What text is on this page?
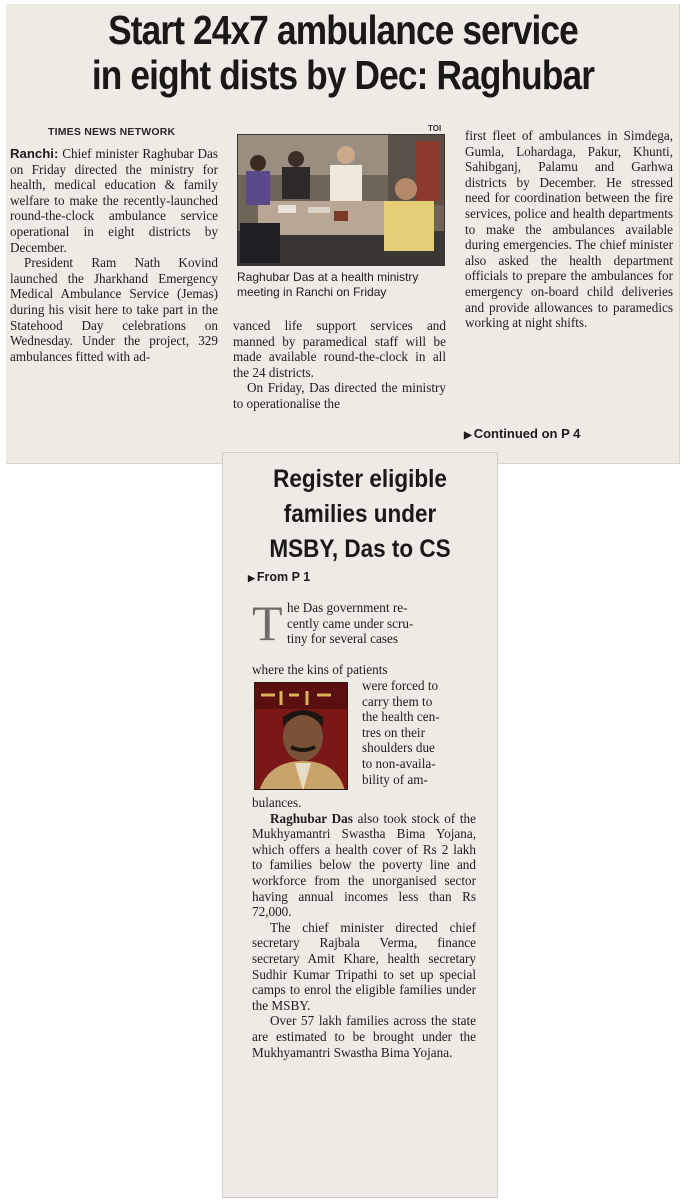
Start 24x7 ambulance service
in eight dists by Dec: Raghubar
TIMES NEWS NETWORK	TOI

Ranchi: Chief minister Raghubar Das on Friday directed the ministry for health, medical education & family welfare to make the recently-launched round-the-clock ambulance service operational in eight districts by December.

President Ram Nath Kovind launched the Jharkhand Emergency Medical Ambulance Service (Jemas) during his visit here to take part in the Statehood Day celebrations on Wednesday. Under the project, 329 ambulances fitted with ad-

Raghubar Das at a health ministry meeting in Ranchi on Friday

vanced life support services and manned by paramedical staff will be made available round-the-clock in all the 24 districts.

On Friday, Das directed the ministry to operationalise the

first fleet of ambulances in Simdega, Gumla, Lohardaga, Pakur, Khunti, Sahibganj, Palamu and Garhwa districts by December. He stressed need for coordination between the fire services, police and health departments to make the ambulances available during emergencies. The chief minister also asked the health department officials to prepare the ambulances for emergency on-board child deliveries and provide allowances to paramedics working at night shifts.

▶ Continued on P 4
Register eligible
families under
MSBY, Das to CS
▶ From P 1
T he Das government re-
cently came under scru-
tiny for several cases
where the kins of patients
were forced to
carry them to
the health cen-
tres on their
shoulders due
to non-availa-
bility of am-

bulances.

Raghubar Das also took stock of the Mukhyamantri Swastha Bima Yojana, which offers a health cover of Rs 2 lakh to families below the poverty line and workforce from the unorganised sector having annual incomes less than Rs 72,000.

The chief minister directed chief secretary Rajbala Verma, finance secretary Amit Khare, health secretary Sudhir Kumar Tripathi to set up special camps to enrol the eligible families under the MSBY.

Over 57 lakh families across the state are estimated to be brought under the Mukhyamantri Swastha Bima Yojana.
